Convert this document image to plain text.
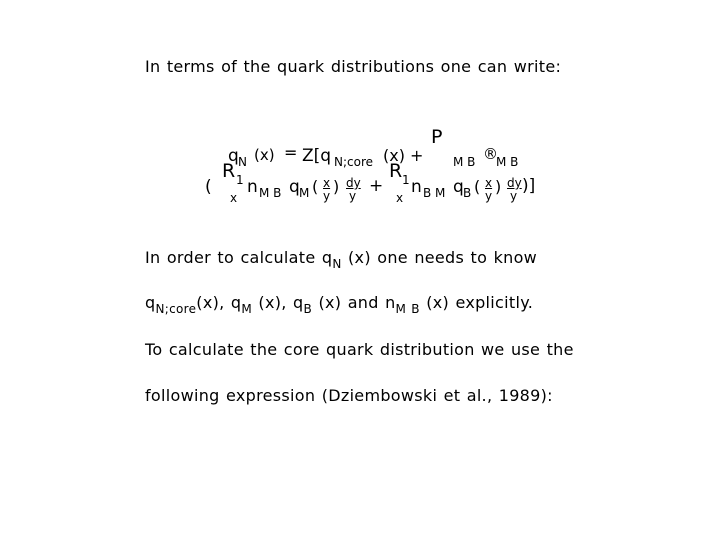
In terms of the quark distributions one can write:
q N (x) = Z[q N;core (x) +
P
M B ®
M B
R 1
x
( n M B q M ( x
y ) dy
y +
R 1
x
n B M q B ( x
y ) dy
y )]
In order to calculate $q_N$ (x) one needs to know
$q_{N;core}(x)$, $q_M$ (x), $q_B$ (x) and $n_{M B}$ (x) explicitly.
To calculate the core quark distribution we use the
following expression (Dziembowski et al., 1989):
